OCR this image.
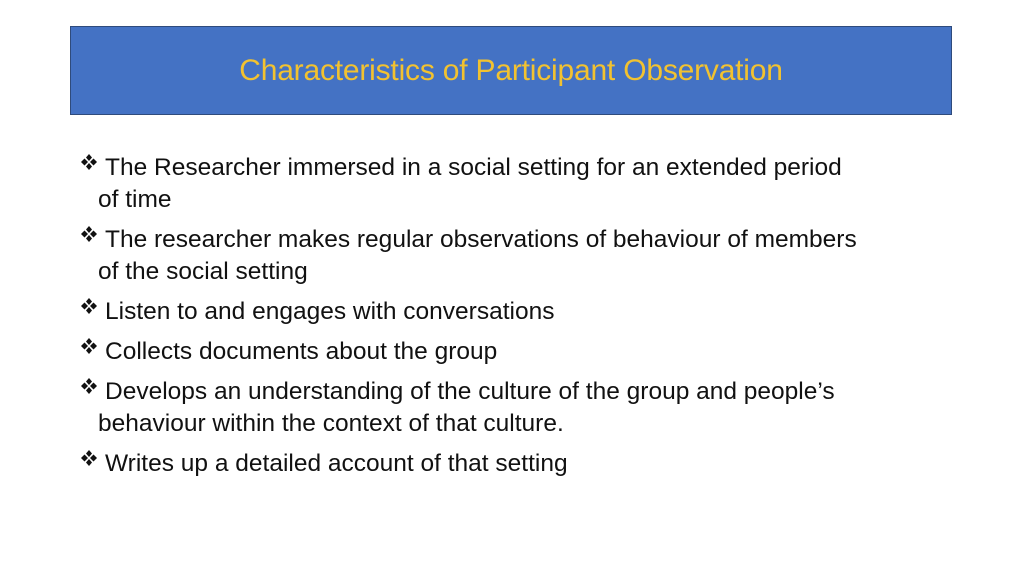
Characteristics of Participant Observation
The Researcher immersed in a social setting for an extended period
of time
The researcher makes regular observations of behaviour of members
of the social setting
Listen to and engages with conversations
Collects documents about the group
Develops an understanding of the culture of the group and people’s
behaviour within the context of that culture.
Writes up a detailed account of that setting
